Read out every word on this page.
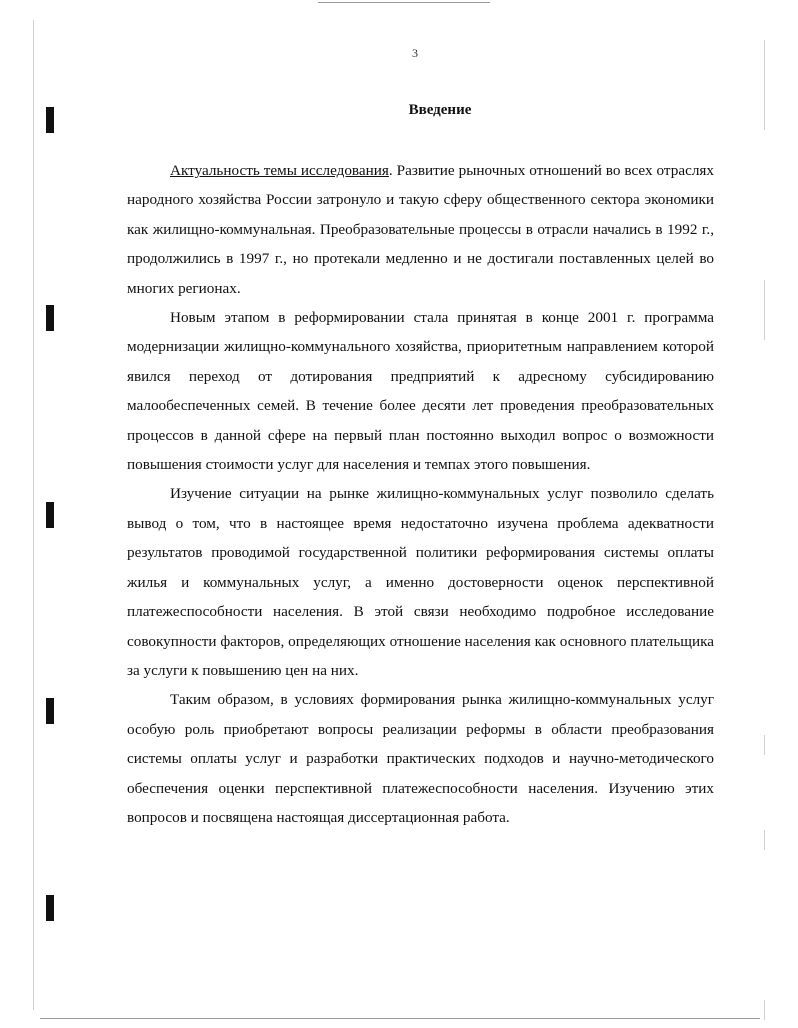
3
Введение

Актуальность темы исследования. Развитие рыночных отношений во всех отраслях народного хозяйства России затронуло и такую сферу общественного сектора экономики как жилищно-коммунальная. Преобразовательные процессы в отрасли начались в 1992 г., продолжились в 1997 г., но протекали медленно и не достигали поставленных целей во многих регионах.

Новым этапом в реформировании стала принятая в конце 2001 г. программа модернизации жилищно-коммунального хозяйства, приоритетным направлением которой явился переход от дотирования предприятий к адресному субсидированию малообеспеченных семей. В течение более десяти лет проведения преобразовательных процессов в данной сфере на первый план постоянно выходил вопрос о возможности повышения стоимости услуг для населения и темпах этого повышения.

Изучение ситуации на рынке жилищно-коммунальных услуг позволило сделать вывод о том, что в настоящее время недостаточно изучена проблема адекватности результатов проводимой государственной политики реформирования системы оплаты жилья и коммунальных услуг, а именно достоверности оценок перспективной платежеспособности населения. В этой связи необходимо подробное исследование совокупности факторов, определяющих отношение населения как основного плательщика за услуги к повышению цен на них.

Таким образом, в условиях формирования рынка жилищно-коммунальных услуг особую роль приобретают вопросы реализации реформы в области преобразования системы оплаты услуг и разработки практических подходов и научно-методического обеспечения оценки перспективной платежеспособности населения. Изучению этих вопросов и посвящена настоящая диссертационная работа.
